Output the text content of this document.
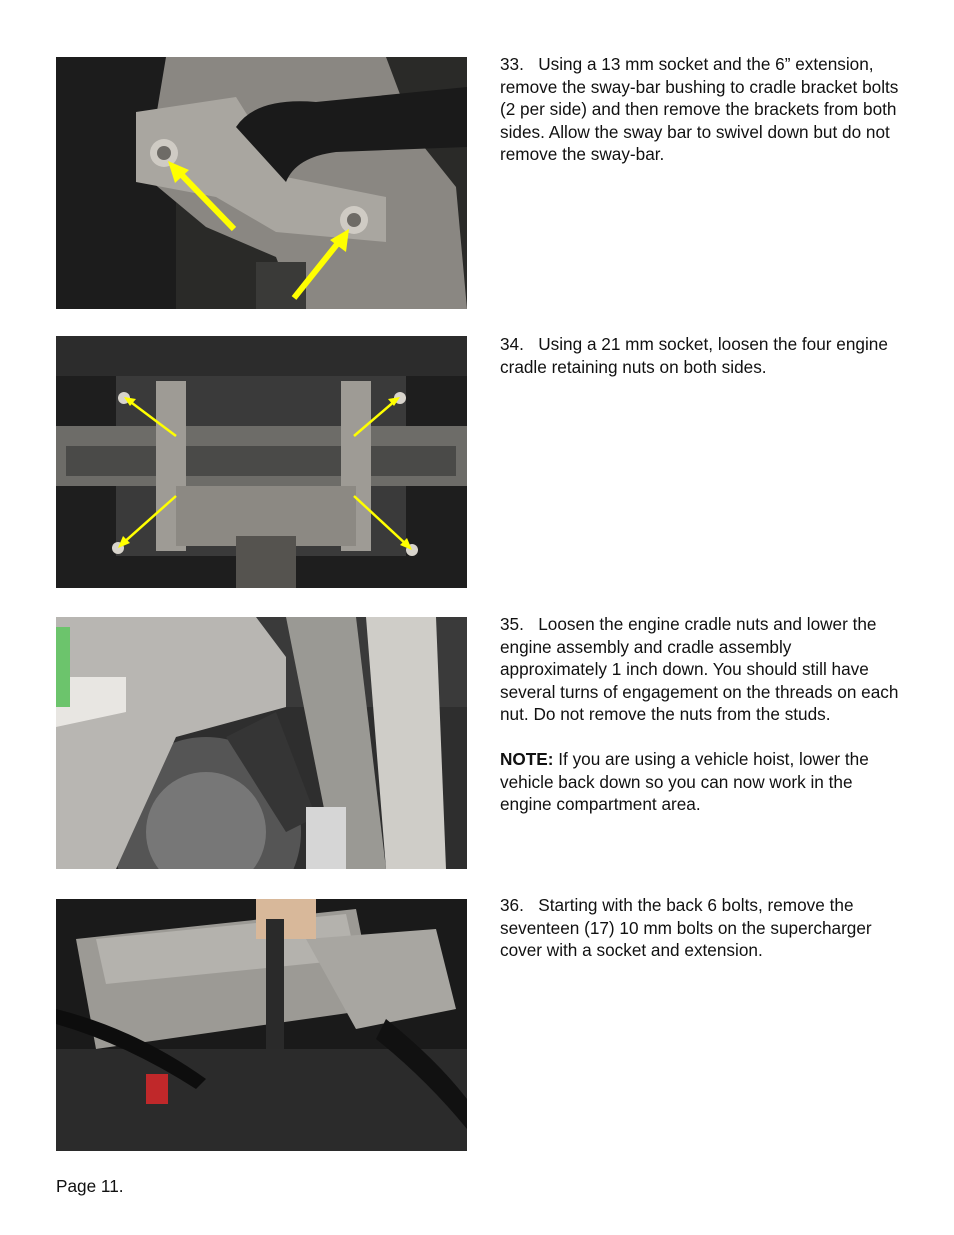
33. Using a 13 mm socket and the 6” extension, remove the sway-bar bushing to cradle bracket bolts (2 per side) and then remove the brackets from both sides. Allow the sway bar to swivel down but do not remove the sway-bar.

34. Using a 21 mm socket, loosen the four engine cradle retaining nuts on both sides.

35. Loosen the engine cradle nuts and lower the engine assembly and cradle assembly approximately 1 inch down. You should still have several turns of engagement on the threads on each nut. Do not remove the nuts from the studs.

NOTE: If you are using a vehicle hoist, lower the vehicle back down so you can now work in the engine compartment area.

36. Starting with the back 6 bolts, remove the seventeen (17) 10 mm bolts on the supercharger cover with a socket and extension.

Page 11.
